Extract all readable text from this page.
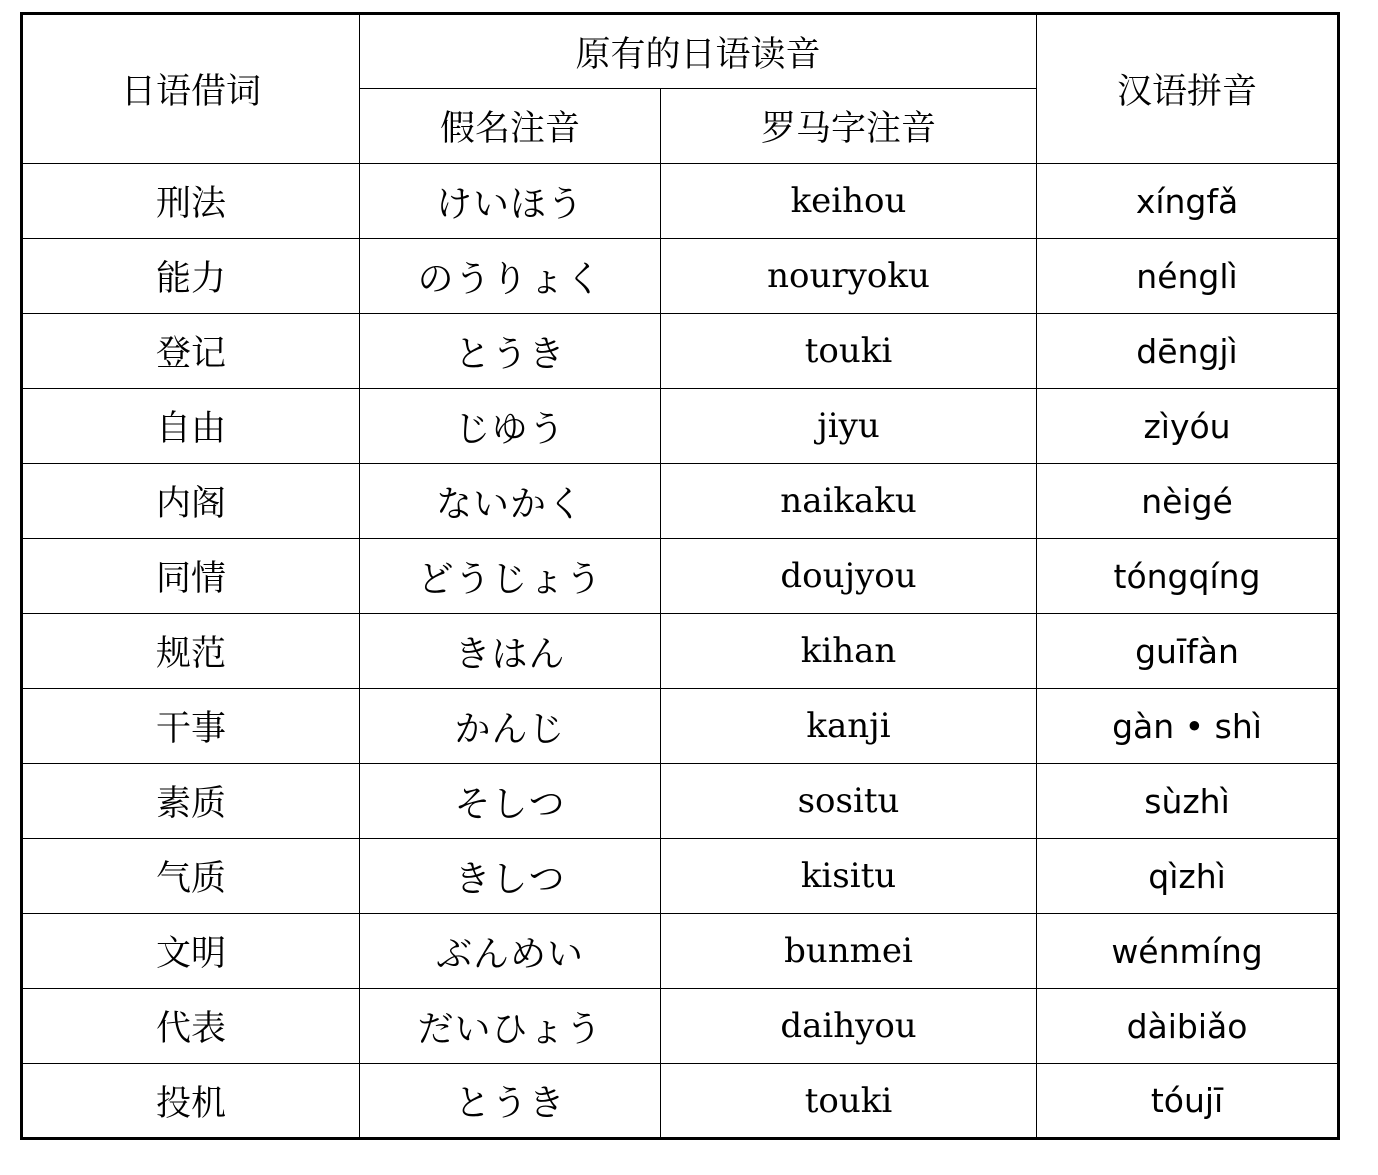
日语借词	原有的日语读音		汉语拼音
	假名注音	罗马字注音	
刑法	けいほう	keihou	xíngfǎ
能力	のうりょく	nouryoku	nénglì
登记	とうき	touki	dēngjì
自由	じゆう	jiyu	zìyóu
内阁	ないかく	naikaku	nèigé
同情	どうじょう	doujyou	tóngqíng
规范	きはん	kihan	guīfàn
干事	かんじ	kanji	gàn • shì
素质	そしつ	sositu	sùzhì
气质	きしつ	kisitu	qìzhì
文明	ぶんめい	bunmei	wénmíng
代表	だいひょう	daihyou	dàibiǎo
投机	とうき	touki	tóujī
